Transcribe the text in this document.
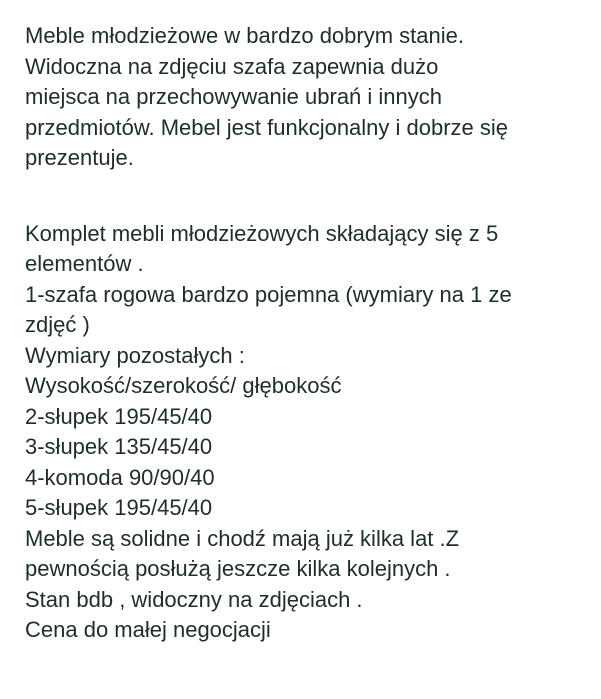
Meble młodzieżowe w bardzo dobrym stanie.
Widoczna na zdjęciu szafa zapewnia dużo
miejsca na przechowywanie ubrań i innych
przedmiotów. Mebel jest funkcjonalny i dobrze się
prezentuje.

Komplet mebli młodzieżowych składający się z 5
elementów .
1-szafa rogowa bardzo pojemna (wymiary na 1 ze
zdjęć )
Wymiary pozostałych :
Wysokość/szerokość/ głębokość
2-słupek 195/45/40
3-słupek 135/45/40
4-komoda 90/90/40
5-słupek 195/45/40
Meble są solidne i chodź mają już kilka lat .Z
pewnością posłużą jeszcze kilka kolejnych .
Stan bdb , widoczny na zdjęciach .
Cena do małej negocjacji
